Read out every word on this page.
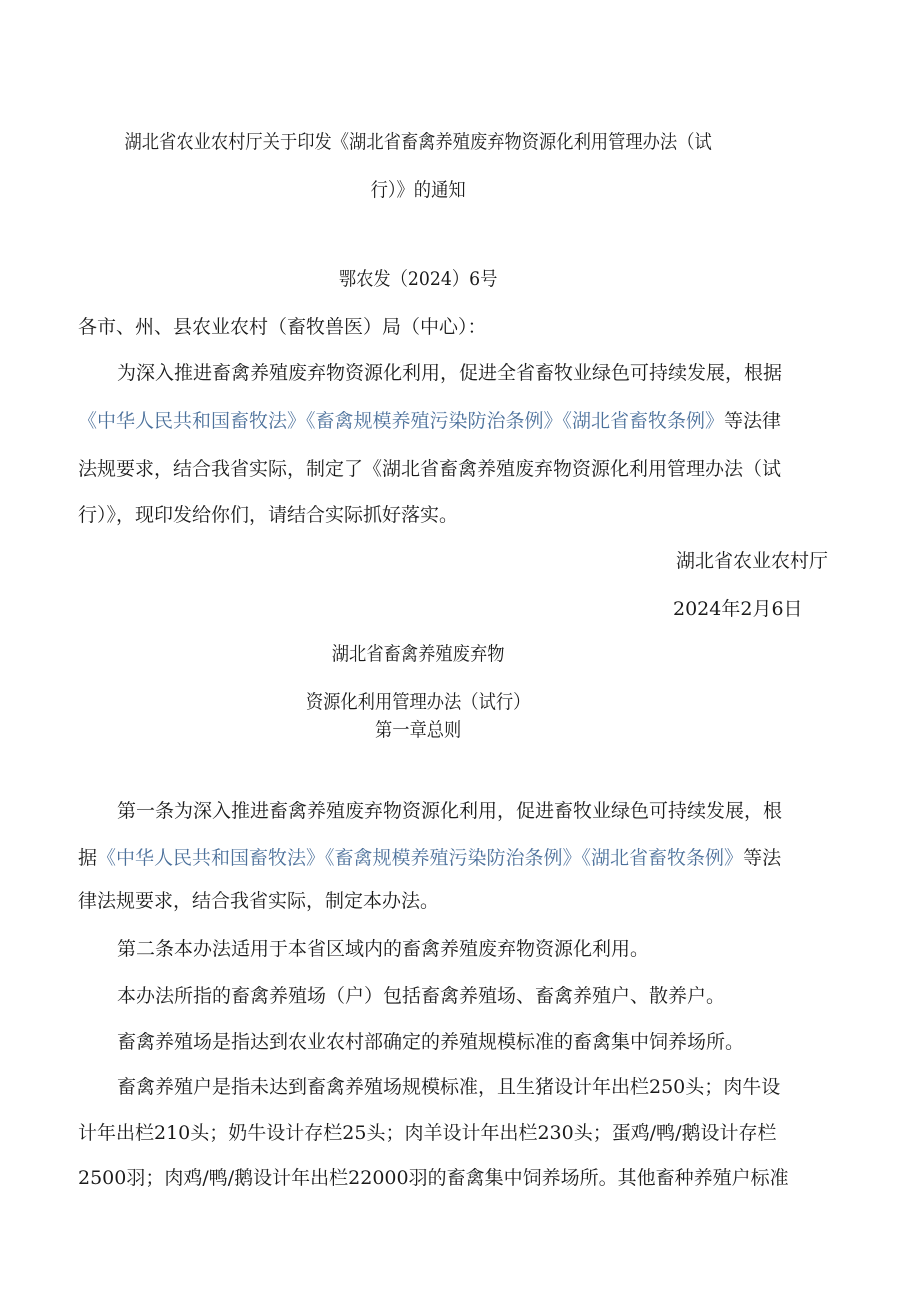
湖北省农业农村厅关于印发《湖北省畜禽养殖废弃物资源化利用管理办法（试
行）》的通知
鄂农发（2024）6号
各市、州、县农业农村（畜牧兽医）局（中心）：
为深入推进畜禽养殖废弃物资源化利用，促进全省畜牧业绿色可持续发展，根据
《中华人民共和国畜牧法》《畜禽规模养殖污染防治条例》《湖北省畜牧条例》等法律
法规要求，结合我省实际，制定了《湖北省畜禽养殖废弃物资源化利用管理办法（试
行）》，现印发给你们，请结合实际抓好落实。
湖北省农业农村厅
2024年2月6日
湖北省畜禽养殖废弃物
资源化利用管理办法（试行）
第一章总则
第一条为深入推进畜禽养殖废弃物资源化利用，促进畜牧业绿色可持续发展，根
据《中华人民共和国畜牧法》《畜禽规模养殖污染防治条例》《湖北省畜牧条例》等法
律法规要求，结合我省实际，制定本办法。
第二条本办法适用于本省区域内的畜禽养殖废弃物资源化利用。
本办法所指的畜禽养殖场（户）包括畜禽养殖场、畜禽养殖户、散养户。
畜禽养殖场是指达到农业农村部确定的养殖规模标准的畜禽集中饲养场所。
畜禽养殖户是指未达到畜禽养殖场规模标准，且生猪设计年出栏250头；肉牛设
计年出栏210头；奶牛设计存栏25头；肉羊设计年出栏230头；蛋鸡/鸭/鹅设计存栏
2500羽；肉鸡/鸭/鹅设计年出栏22000羽的畜禽集中饲养场所。其他畜种养殖户标准
